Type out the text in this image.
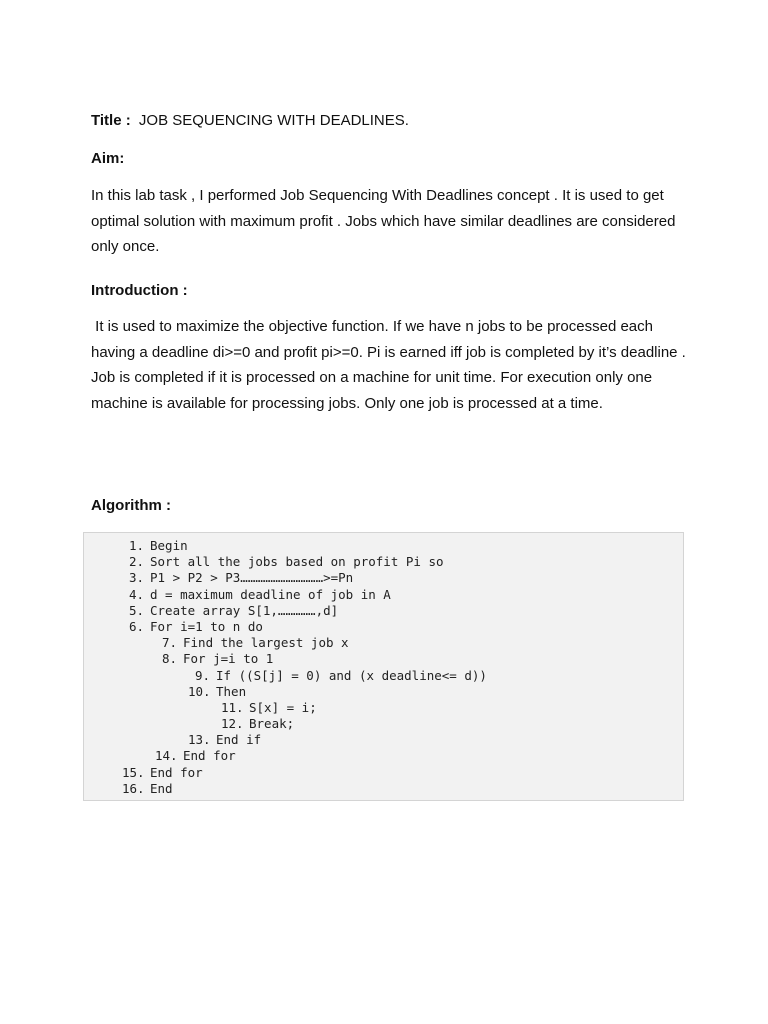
Title : JOB SEQUENCING WITH DEADLINES.
Aim:
In this lab task , I performed Job Sequencing With Deadlines concept . It is used to get optimal solution with maximum profit . Jobs which have similar deadlines are considered only once.
Introduction :
It is used to maximize the objective function. If we have n jobs to be processed each having a deadline di>=0 and profit pi>=0. Pi is earned iff job is completed by it’s deadline . Job is completed if it is processed on a machine for unit time. For execution only one machine is available for processing jobs. Only one job is processed at a time.
Algorithm :
1. Begin
2. Sort all the jobs based on profit Pi so
3. P1 > P2 > P3……………………………>=Pn
4. d = maximum deadline of job in A
5. Create array S[1,……………,d]
6. For i=1 to n do
7. Find the largest job x
8. For j=i to 1
9. If ((S[j] = 0) and (x deadline<= d))
10. Then
11. S[x] = i;
12. Break;
13. End if
14. End for
15. End for
16. End
